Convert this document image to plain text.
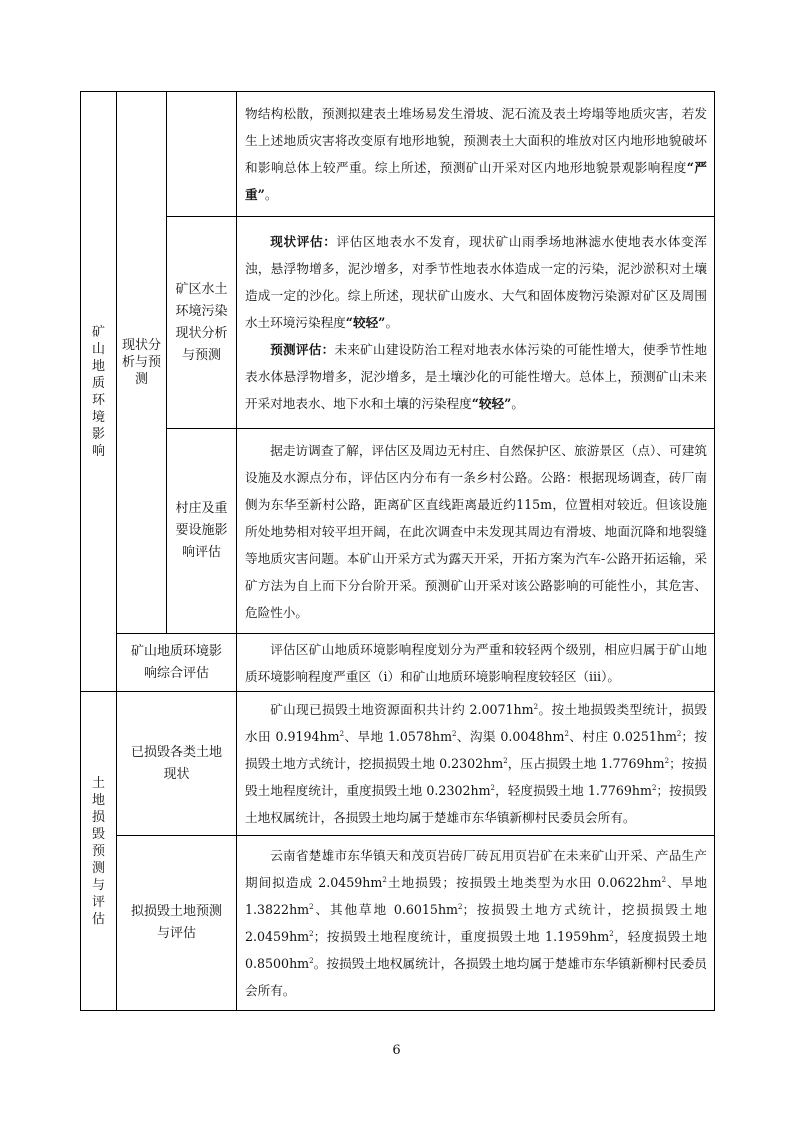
矿山地质环境影响	现状分析与预测		物结构松散，预测拟建表土堆场易发生滑坡、泥石流及表土垮塌等地质灾害，若发生上述地质灾害将改变原有地形地貌，预测表土大面积的堆放对区内地形地貌破坏和影响总体上较严重。综上所述，预测矿山开采对区内地形地貌景观影响程度“严重”。

		矿区水土环境污染现状分析与预测	现状评估：评估区地表水不发育，现状矿山雨季场地淋滤水使地表水体变浑浊，悬浮物增多，泥沙增多，对季节性地表水体造成一定的污染，泥沙淤积对土壤造成一定的沙化。综上所述，现状矿山废水、大气和固体废物污染源对矿区及周围水土环境污染程度“较轻”。

预测评估：未来矿山建设防治工程对地表水体污染的可能性增大，使季节性地表水体悬浮物增多，泥沙增多，是土壤沙化的可能性增大。总体上，预测矿山未来开采对地表水、地下水和土壤的污染程度“较轻”。

		村庄及重要设施影响评估	据走访调查了解，评估区及周边无村庄、自然保护区、旅游景区（点）、可建筑设施及水源点分布，评估区内分布有一条乡村公路。公路：根据现场调查，砖厂南侧为东华至新村公路，距离矿区直线距离最近约115m，位置相对较近。但该设施所处地势相对较平坦开阔，在此次调查中未发现其周边有滑坡、地面沉降和地裂缝等地质灾害问题。本矿山开采方式为露天开采，开拓方案为汽车-公路开拓运输，采矿方法为自上而下分台阶开采。预测矿山开采对该公路影响的可能性小，其危害、危险性小。

	矿山地质环境影响综合评估		评估区矿山地质环境影响程度划分为严重和较轻两个级别，相应归属于矿山地质环境影响程度严重区（ⅰ）和矿山地质环境影响程度较轻区（ⅲ）。

土地损毁预测与评估	已损毁各类土地现状		矿山现已损毁土地资源面积共计约 $2.0071hm^2$。按土地损毁类型统计，损毁水田 $0.9194hm^2$、旱地 $1.0578hm^2$、沟渠 $0.0048hm^2$、村庄 $0.0251hm^2$；按损毁土地方式统计，挖损损毁土地 $0.2302hm^2$，压占损毁土地 $1.7769hm^2$；按损毁土地程度统计，重度损毁土地 $0.2302hm^2$，轻度损毁土地 $1.7769hm^2$；按损毁土地权属统计，各损毁土地均属于楚雄市东华镇新柳村民委员会所有。

	拟损毁土地预测与评估		云南省楚雄市东华镇天和茂页岩砖厂砖瓦用页岩矿在未来矿山开采、产品生产期间拟造成 $2.0459hm^2$土地损毁；按损毁土地类型为水田 $0.0622hm^2$、旱地 $1.3822hm^2$、其他草地 $0.6015hm^2$；按损毁土地方式统计，挖损损毁土地 $2.0459hm^2$；按损毁土地程度统计，重度损毁土地 $1.1959hm^2$，轻度损毁土地 $0.8500hm^2$。按损毁土地权属统计，各损毁土地均属于楚雄市东华镇新柳村民委员会所有。

6
